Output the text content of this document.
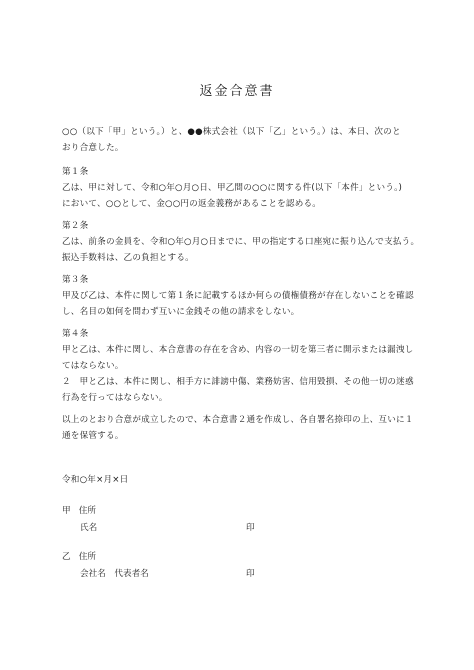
返金合意書
○○（以下「甲」という。）と、●●株式会社（以下「乙」という。）は、本日、次のと
おり合意した。
第１条
乙は、甲に対して、令和○年○月○日、甲乙間の○○に関する件(以下「本件」という。)
において、○○として、金○○円の返金義務があることを認める。
第２条
乙は、前条の金員を、令和○年○月○日までに、甲の指定する口座宛に振り込んで支払う。
振込手数料は、乙の負担とする。
第３条
甲及び乙は、本件に関して第１条に記載するほか何らの債権債務が存在しないことを確認
し、名目の如何を問わず互いに金銭その他の請求をしない。
第４条
甲と乙は、本件に関し、本合意書の存在を含め、内容の一切を第三者に開示または漏洩し
てはならない。
２　甲と乙は、本件に関し、相手方に誹謗中傷、業務妨害、信用毀損、その他一切の迷惑
行為を行ってはならない。
以上のとおり合意が成立したので、本合意書２通を作成し、各自署名捺印の上、互いに１
通を保管する。
令和○年×月×日
甲 住所
氏名	印
乙 住所
会社名　代表者名	印
